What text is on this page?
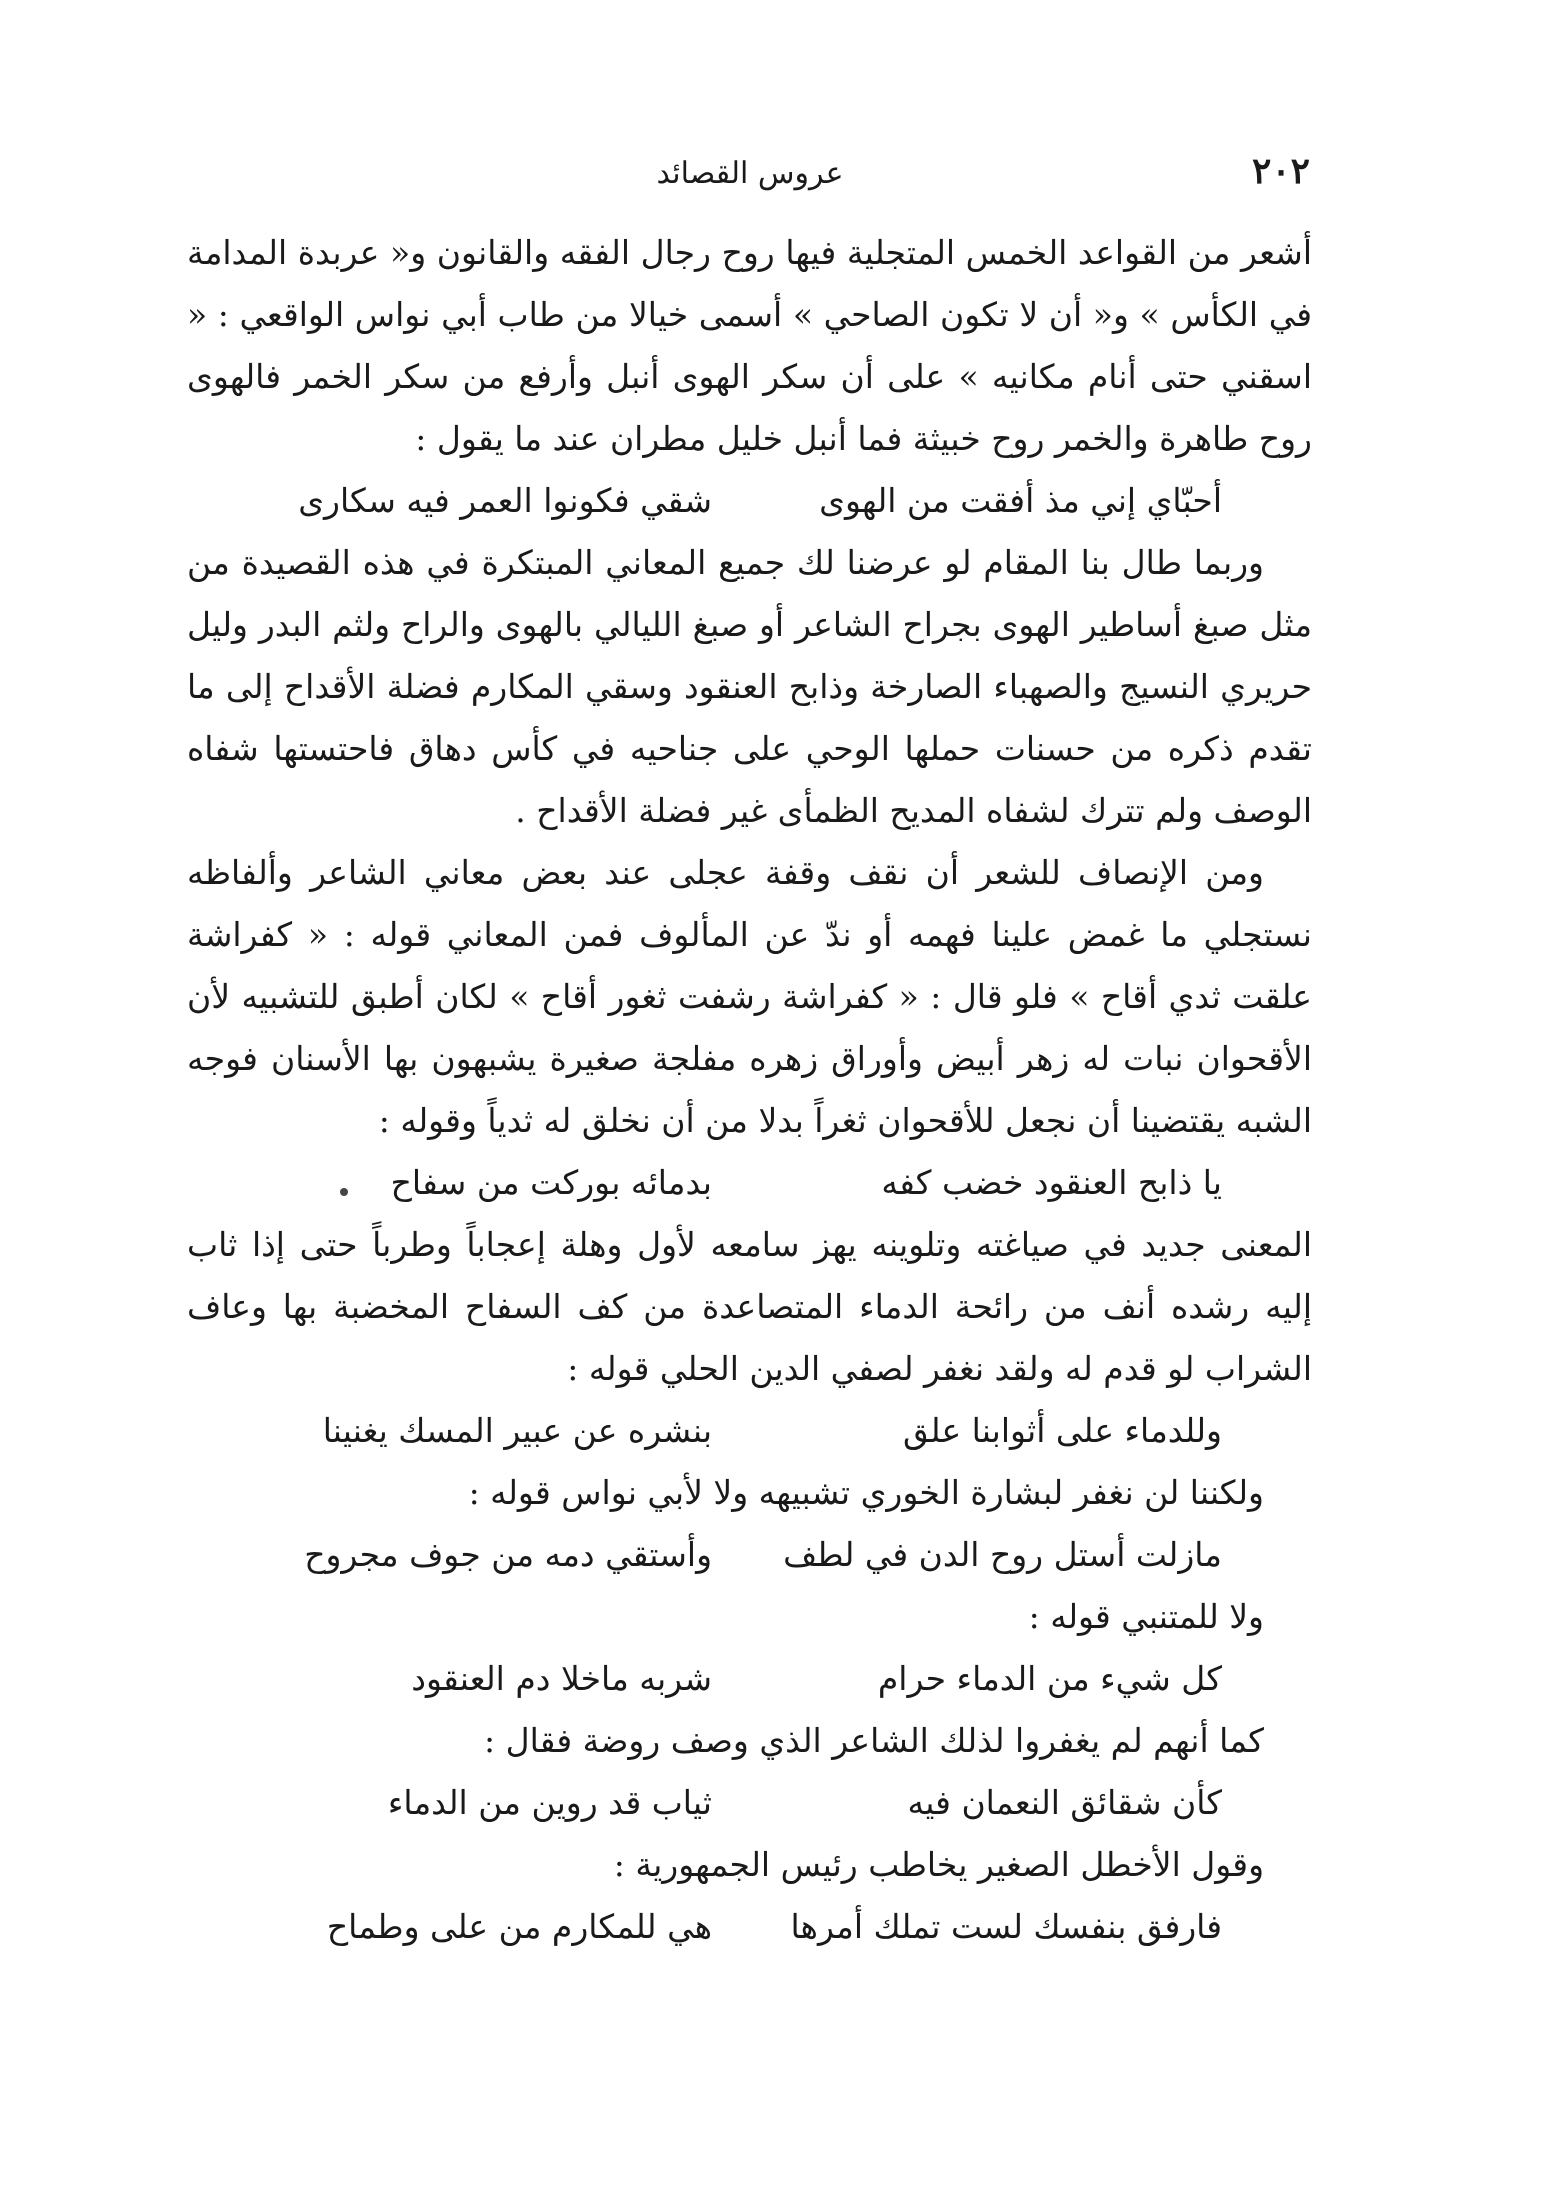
٢٠٢
عروس القصائد

أشعر من القواعد الخمس المتجلية فيها روح رجال الفقه والقانون و« عربدة المدامة في الكأس » و« أن لا تكون الصاحي » أسمى خيالا من طاب أبي نواس الواقعي : « اسقني حتى أنام مكانيه » على أن سكر الهوى أنبل وأرفع من سكر الخمر فالهوى روح طاهرة والخمر روح خبيثة فما أنبل خليل مطران عند ما يقول :

أحبّاي إني مذ أفقت من الهوى
شقي فكونوا العمر فيه سكارى

وربما طال بنا المقام لو عرضنا لك جميع المعاني المبتكرة في هذه القصيدة من مثل صبغ أساطير الهوى بجراح الشاعر أو صبغ الليالي بالهوى والراح ولثم البدر وليل حريري النسيج والصهباء الصارخة وذابح العنقود وسقي المكارم فضلة الأقداح إلى ما تقدم ذكره من حسنات حملها الوحي على جناحيه في كأس دهاق فاحتستها شفاه الوصف ولم تترك لشفاه المديح الظمأى غير فضلة الأقداح .

ومن الإنصاف للشعر أن نقف وقفة عجلى عند بعض معاني الشاعر وألفاظه نستجلي ما غمض علينا فهمه أو ندّ عن المألوف فمن المعاني قوله : « كفراشة علقت ثدي أقاح » فلو قال : « كفراشة رشفت ثغور أقاح » لكان أطبق للتشبيه لأن الأقحوان نبات له زهر أبيض وأوراق زهره مفلجة صغيرة يشبهون بها الأسنان فوجه الشبه يقتضينا أن نجعل للأقحوان ثغراً بدلا من أن نخلق له ثدياً وقوله :

يا ذابح العنقود خضب كفه
بدمائه بوركت من سفاح

المعنى جديد في صياغته وتلوينه يهز سامعه لأول وهلة إعجاباً وطرباً حتى إذا ثاب إليه رشده أنف من رائحة الدماء المتصاعدة من كف السفاح المخضبة بها وعاف الشراب لو قدم له ولقد نغفر لصفي الدين الحلي قوله :

وللدماء على أثوابنا علق
بنشره عن عبير المسك يغنينا

ولكننا لن نغفر لبشارة الخوري تشبيهه ولا لأبي نواس قوله :

مازلت أستل روح الدن في لطف
وأستقي دمه من جوف مجروح

ولا للمتنبي قوله :

كل شيء من الدماء حرام
شربه ماخلا دم العنقود

كما أنهم لم يغفروا لذلك الشاعر الذي وصف روضة فقال :

كأن شقائق النعمان فيه
ثياب قد روين من الدماء

وقول الأخطل الصغير يخاطب رئيس الجمهورية :

فارفق بنفسك لست تملك أمرها
هي للمكارم من على وطماح
